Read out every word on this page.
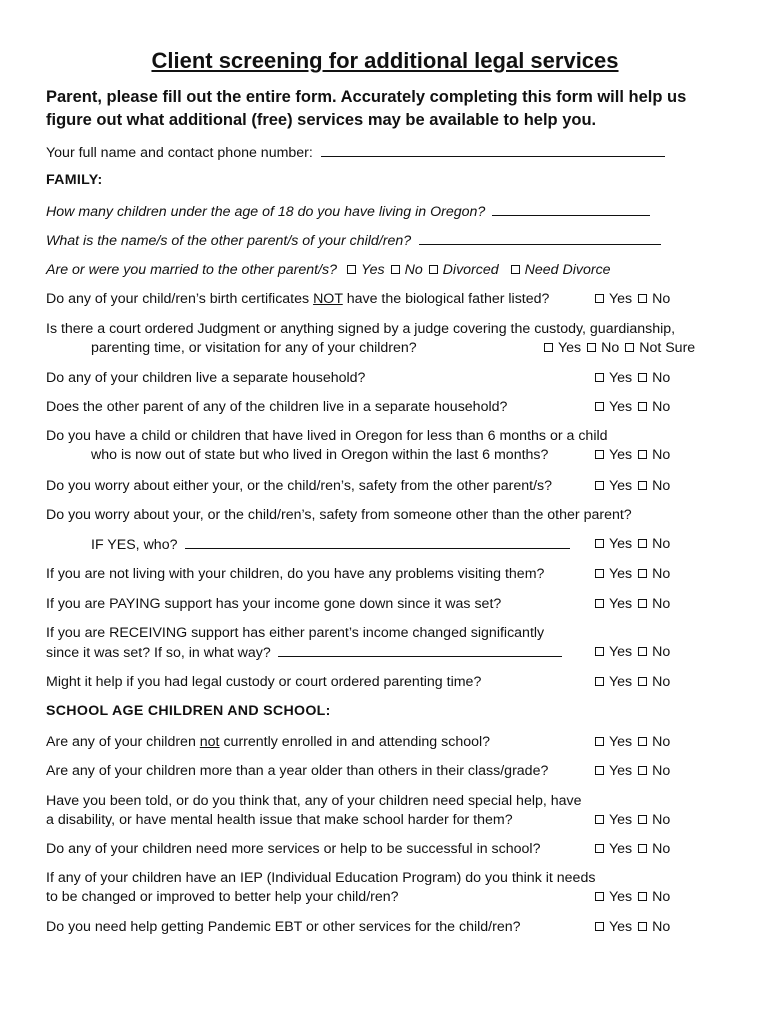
Client screening for additional legal services
Parent, please fill out the entire form. Accurately completing this form will help us figure out what additional (free) services may be available to help you.
Your full name and contact phone number:
FAMILY:
How many children under the age of 18 do you have living in Oregon?
What is the name/s of the other parent/s of your child/ren?
Are or were you married to the other parent/s? Yes No Divorced Need Divorce
Do any of your child/ren’s birth certificates NOT have the biological father listed?	Yes No
Is there a court ordered Judgment or anything signed by a judge covering the custody, guardianship,
parenting time, or visitation for any of your children?	Yes No Not Sure
Do any of your children live a separate household?	Yes No
Does the other parent of any of the children live in a separate household?	Yes No
Do you have a child or children that have lived in Oregon for less than 6 months or a child
who is now out of state but who lived in Oregon within the last 6 months?	Yes No
Do you worry about either your, or the child/ren’s, safety from the other parent/s?	Yes No
Do you worry about your, or the child/ren’s, safety from someone other than the other parent?
IF YES, who?	Yes No
If you are not living with your children, do you have any problems visiting them?	Yes No
If you are PAYING support has your income gone down since it was set?	Yes No
If you are RECEIVING support has either parent’s income changed significantly
since it was set? If so, in what way?	Yes No
Might it help if you had legal custody or court ordered parenting time?	Yes No
SCHOOL AGE CHILDREN AND SCHOOL:
Are any of your children not currently enrolled in and attending school?	Yes No
Are any of your children more than a year older than others in their class/grade?	Yes No
Have you been told, or do you think that, any of your children need special help, have
a disability, or have mental health issue that make school harder for them?	Yes No
Do any of your children need more services or help to be successful in school?	Yes No
If any of your children have an IEP (Individual Education Program) do you think it needs
to be changed or improved to better help your child/ren?	Yes No
Do you need help getting Pandemic EBT or other services for the child/ren?	Yes No
